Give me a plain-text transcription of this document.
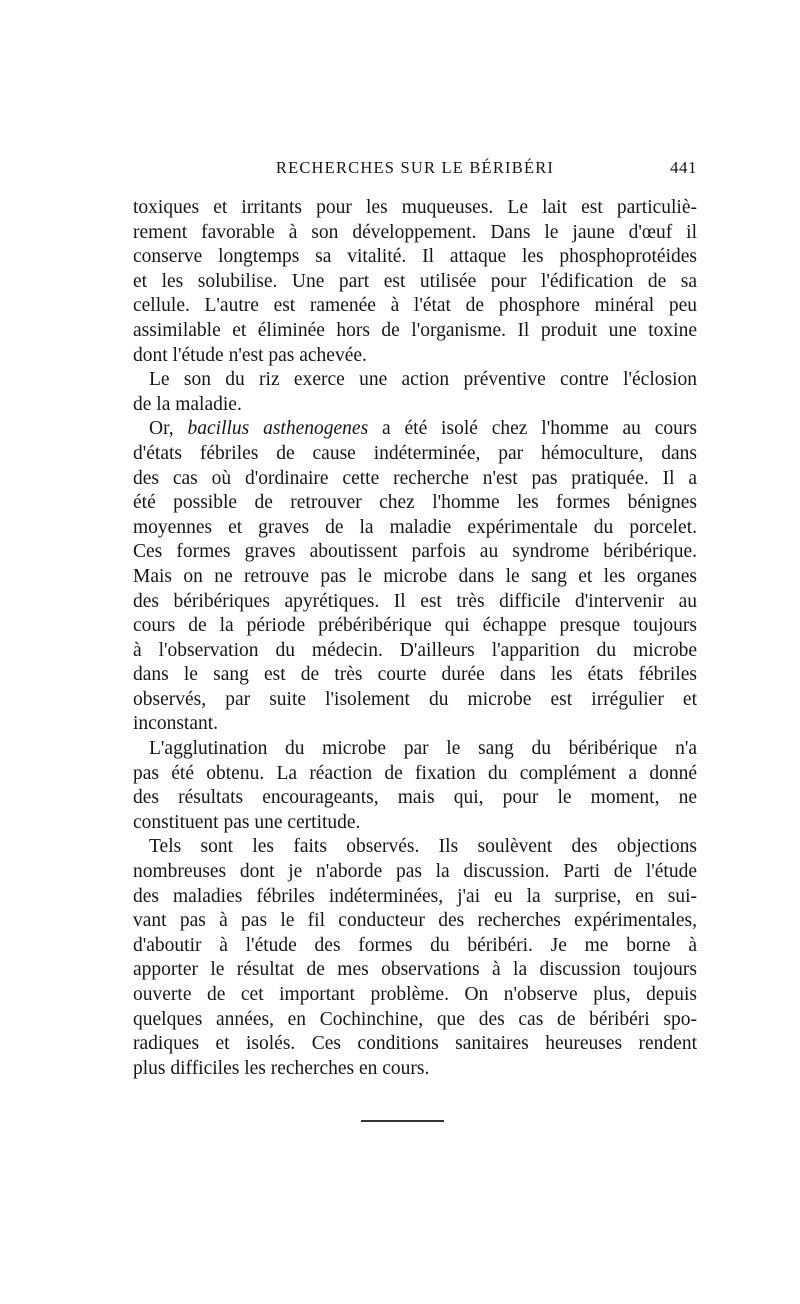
RECHERCHES SUR LE BÉRIBÉRI	441
toxiques et irritants pour les muqueuses. Le lait est particuliè-
rement favorable à son développement. Dans le jaune d'œuf il
conserve longtemps sa vitalité. Il attaque les phosphoprotéides
et les solubilise. Une part est utilisée pour l'édification de sa
cellule. L'autre est ramenée à l'état de phosphore minéral peu
assimilable et éliminée hors de l'organisme. Il produit une toxine
dont l'étude n'est pas achevée.
Le son du riz exerce une action préventive contre l'éclosion
de la maladie.
Or, bacillus asthenogenes a été isolé chez l'homme au cours
d'états fébriles de cause indéterminée, par hémoculture, dans
des cas où d'ordinaire cette recherche n'est pas pratiquée. Il a
été possible de retrouver chez l'homme les formes bénignes
moyennes et graves de la maladie expérimentale du porcelet.
Ces formes graves aboutissent parfois au syndrome béribérique.
Mais on ne retrouve pas le microbe dans le sang et les organes
des béribériques apyrétiques. Il est très difficile d'intervenir au
cours de la période prébéribérique qui échappe presque toujours
à l'observation du médecin. D'ailleurs l'apparition du microbe
dans le sang est de très courte durée dans les états fébriles
observés, par suite l'isolement du microbe est irrégulier et
inconstant.
L'agglutination du microbe par le sang du béribérique n'a
pas été obtenu. La réaction de fixation du complément a donné
des résultats encourageants, mais qui, pour le moment, ne
constituent pas une certitude.
Tels sont les faits observés. Ils soulèvent des objections
nombreuses dont je n'aborde pas la discussion. Parti de l'étude
des maladies fébriles indéterminées, j'ai eu la surprise, en sui-
vant pas à pas le fil conducteur des recherches expérimentales,
d'aboutir à l'étude des formes du béribéri. Je me borne à
apporter le résultat de mes observations à la discussion toujours
ouverte de cet important problème. On n'observe plus, depuis
quelques années, en Cochinchine, que des cas de béribéri spo-
radiques et isolés. Ces conditions sanitaires heureuses rendent
plus difficiles les recherches en cours.
